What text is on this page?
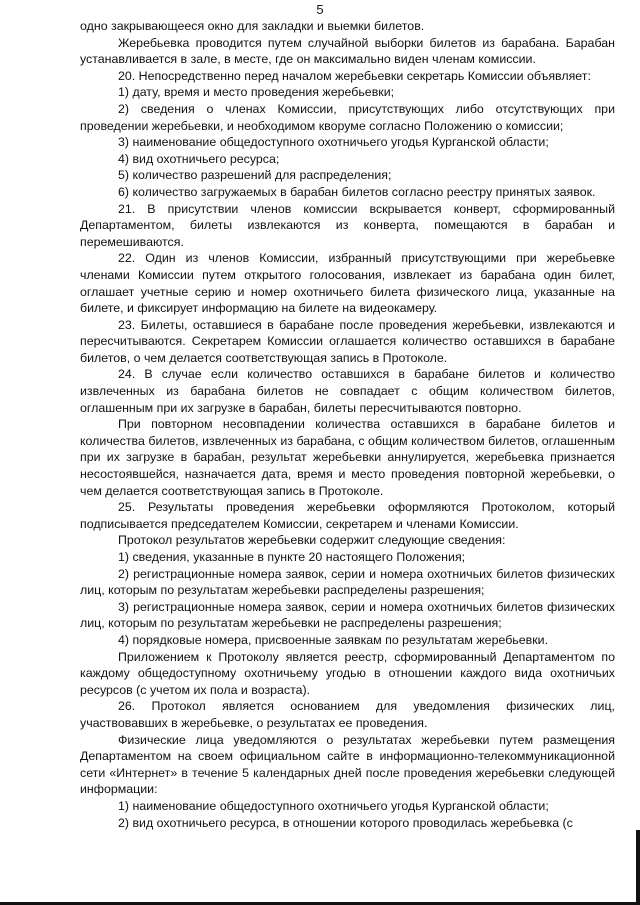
5

одно закрывающееся окно для закладки и выемки билетов.

Жеребьевка проводится путем случайной выборки билетов из барабана. Барабан устанавливается в зале, в месте, где он максимально виден членам комиссии.

20. Непосредственно перед началом жеребьевки секретарь Комиссии объявляет:

1) дату, время и место проведения жеребьевки;

2) сведения о членах Комиссии, присутствующих либо отсутствующих при проведении жеребьевки, и необходимом кворуме согласно Положению о комиссии;

3) наименование общедоступного охотничьего угодья Курганской области;

4) вид охотничьего ресурса;

5) количество разрешений для распределения;

6) количество загружаемых в барабан билетов согласно реестру принятых заявок.

21. В присутствии членов комиссии вскрывается конверт, сформированный Департаментом, билеты извлекаются из конверта, помещаются в барабан и перемешиваются.

22. Один из членов Комиссии, избранный присутствующими при жеребьевке членами Комиссии путем открытого голосования, извлекает из барабана один билет, оглашает учетные серию и номер охотничьего билета физического лица, указанные на билете, и фиксирует информацию на билете на видеокамеру.

23. Билеты, оставшиеся в барабане после проведения жеребьевки, извлекаются и пересчитываются. Секретарем Комиссии оглашается количество оставшихся в барабане билетов, о чем делается соответствующая запись в Протоколе.

24. В случае если количество оставшихся в барабане билетов и количество извлеченных из барабана билетов не совпадает с общим количеством билетов, оглашенным при их загрузке в барабан, билеты пересчитываются повторно.

При повторном несовпадении количества оставшихся в барабане билетов и количества билетов, извлеченных из барабана, с общим количеством билетов, оглашенным при их загрузке в барабан, результат жеребьевки аннулируется, жеребьевка признается несостоявшейся, назначается дата, время и место проведения повторной жеребьевки, о чем делается соответствующая запись в Протоколе.

25. Результаты проведения жеребьевки оформляются Протоколом, который подписывается председателем Комиссии, секретарем и членами Комиссии.

Протокол результатов жеребьевки содержит следующие сведения:

1) сведения, указанные в пункте 20 настоящего Положения;

2) регистрационные номера заявок, серии и номера охотничьих билетов физических лиц, которым по результатам жеребьевки распределены разрешения;

3) регистрационные номера заявок, серии и номера охотничьих билетов физических лиц, которым по результатам жеребьевки не распределены разрешения;

4) порядковые номера, присвоенные заявкам по результатам жеребьевки.

Приложением к Протоколу является реестр, сформированный Департаментом по каждому общедоступному охотничьему угодью в отношении каждого вида охотничьих ресурсов (с учетом их пола и возраста).

26. Протокол является основанием для уведомления физических лиц, участвовавших в жеребьевке, о результатах ее проведения.

Физические лица уведомляются о результатах жеребьевки путем размещения Департаментом на своем официальном сайте в информационно-телекоммуникационной сети «Интернет» в течение 5 календарных дней после проведения жеребьевки следующей информации:

1) наименование общедоступного охотничьего угодья Курганской области;

2) вид охотничьего ресурса, в отношении которого проводилась жеребьевка (с
